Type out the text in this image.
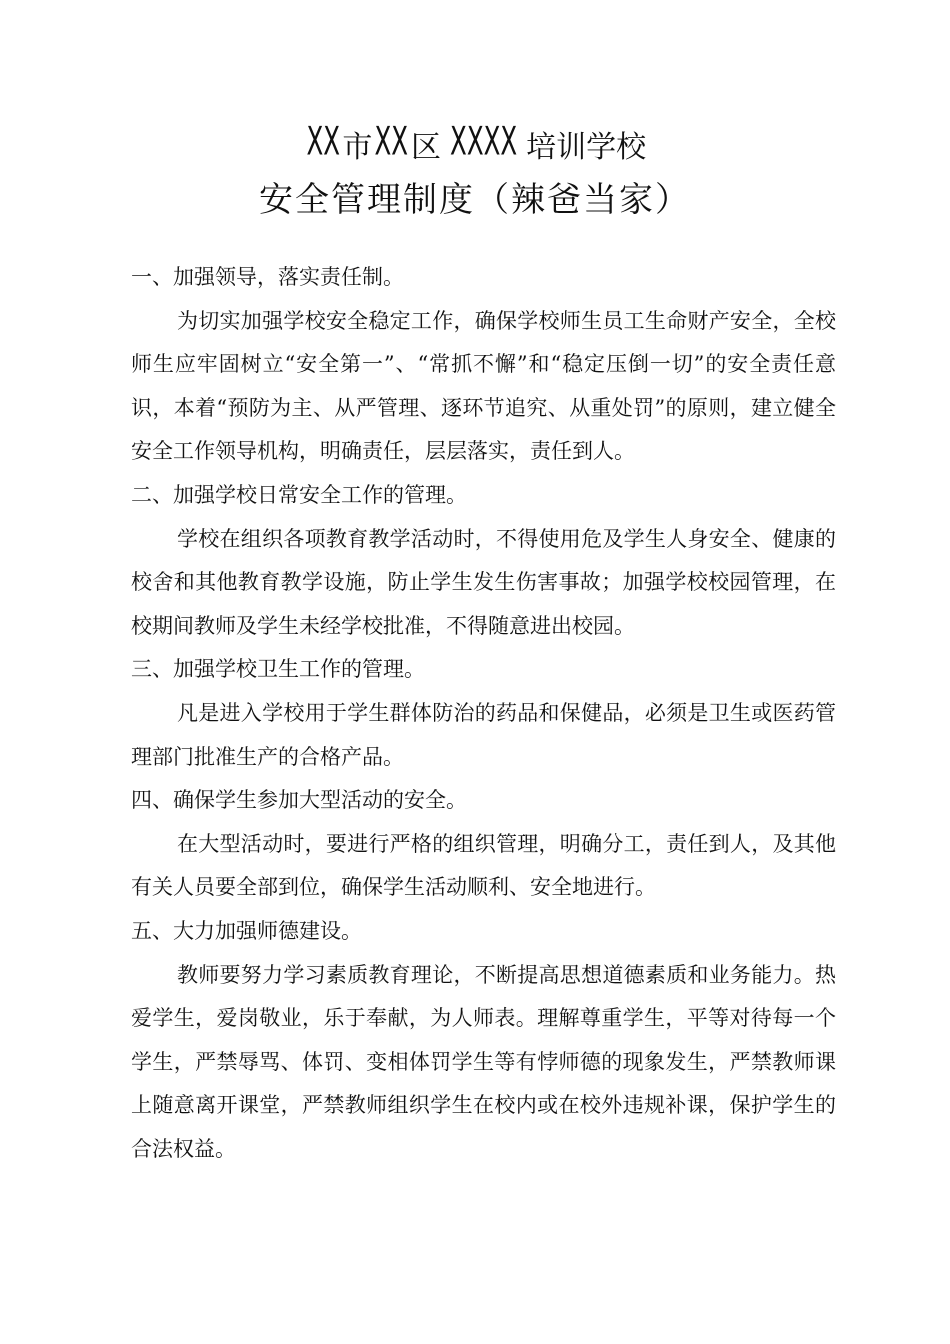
XX市XX区 XXXX 培训学校
安全管理制度（辣爸当家）

一、加强领导，落实责任制。

为切实加强学校安全稳定工作，确保学校师生员工生命财产安全，全校师生应牢固树立“安全第一”、“常抓不懈”和“稳定压倒一切”的安全责任意识，本着“预防为主、从严管理、逐环节追究、从重处罚”的原则，建立健全安全工作领导机构，明确责任，层层落实，责任到人。

二、加强学校日常安全工作的管理。

学校在组织各项教育教学活动时，不得使用危及学生人身安全、健康的校舍和其他教育教学设施，防止学生发生伤害事故；加强学校校园管理，在校期间教师及学生未经学校批准，不得随意进出校园。

三、加强学校卫生工作的管理。

凡是进入学校用于学生群体防治的药品和保健品，必须是卫生或医药管理部门批准生产的合格产品。

四、确保学生参加大型活动的安全。

在大型活动时，要进行严格的组织管理，明确分工，责任到人，及其他有关人员要全部到位，确保学生活动顺利、安全地进行。

五、大力加强师德建设。

教师要努力学习素质教育理论，不断提高思想道德素质和业务能力。热爱学生，爱岗敬业，乐于奉献，为人师表。理解尊重学生，平等对待每一个学生，严禁辱骂、体罚、变相体罚学生等有悖师德的现象发生，严禁教师课上随意离开课堂，严禁教师组织学生在校内或在校外违规补课，保护学生的合法权益。
